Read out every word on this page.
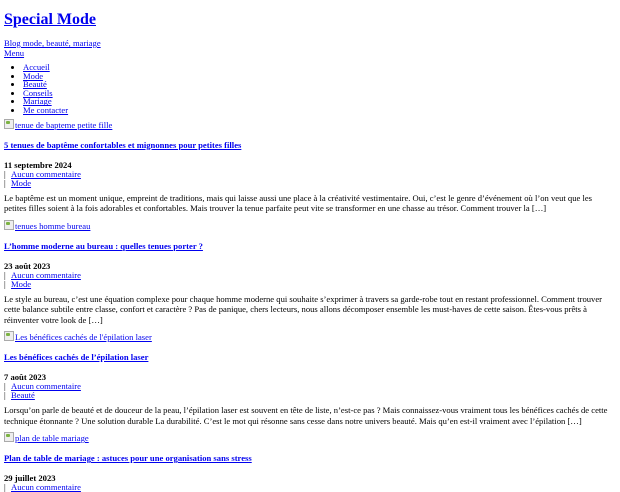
Special Mode

Blog mode, beauté, mariage

Menu
• Accueil
• Mode
• Beauté
• Conseils
• Mariage
• Me contacter
tenue de bapteme petite fille
5 tenues de baptême confortables et mignonnes pour petites filles

11 septembre 2024

| Aucun commentaire
| Mode

Le baptême est un moment unique, empreint de traditions, mais qui laisse aussi une place à la créativité vestimentaire. Oui, c’est le genre d’événement où l’on veut que les petites filles soient à la fois adorables et confortables. Mais trouver la tenue parfaite peut vite se transformer en une chasse au trésor. Comment trouver la […]

tenues homme bureau
L’homme moderne au bureau : quelles tenues porter ?

23 août 2023

| Aucun commentaire
| Mode

Le style au bureau, c’est une équation complexe pour chaque homme moderne qui souhaite s’exprimer à travers sa garde-robe tout en restant professionnel. Comment trouver cette balance subtile entre classe, confort et caractère ? Pas de panique, chers lecteurs, nous allons décomposer ensemble les must-haves de cette saison. Êtes-vous prêts à réinventer votre look de […]

Les bénéfices cachés de l'épilation laser
Les bénéfices cachés de l’épilation laser

7 août 2023

| Aucun commentaire
| Beauté

Lorsqu’on parle de beauté et de douceur de la peau, l’épilation laser est souvent en tête de liste, n’est-ce pas ? Mais connaissez-vous vraiment tous les bénéfices cachés de cette technique étonnante ? Une solution durable La durabilité. C’est le mot qui résonne sans cesse dans notre univers beauté. Mais qu’en est-il vraiment avec l’épilation […]

plan de table mariage
Plan de table de mariage : astuces pour une organisation sans stress

29 juillet 2023

| Aucun commentaire
